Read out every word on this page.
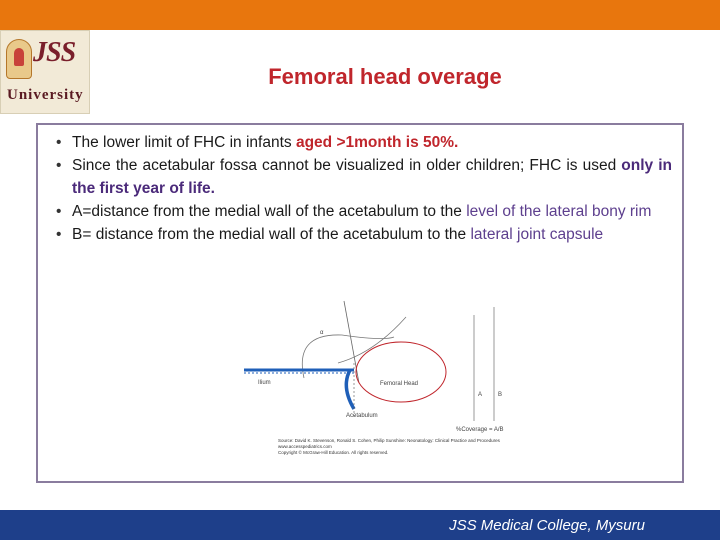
JSS
University
Femoral head overage
• The lower limit of FHC in infants aged >1month is 50%.
• Since the acetabular fossa cannot be visualized in older children; FHC is used only in the first year of life.
• A=distance from the medial wall of the acetabulum to the level of the lateral bony rim
• B= distance from the medial wall of the acetabulum to the lateral joint capsule
α
Ilium	Femoral Head
Acetabulum
A	B
%Coverage = A/B
Source: David K. Stevenson, Ronald S. Cohen, Philip Sunshine: Neonatology: Clinical Practice and Procedures
www.accesspediatrics.com
Copyright © McGraw-Hill Education. All rights reserved.
JSS Medical College, Mysuru
